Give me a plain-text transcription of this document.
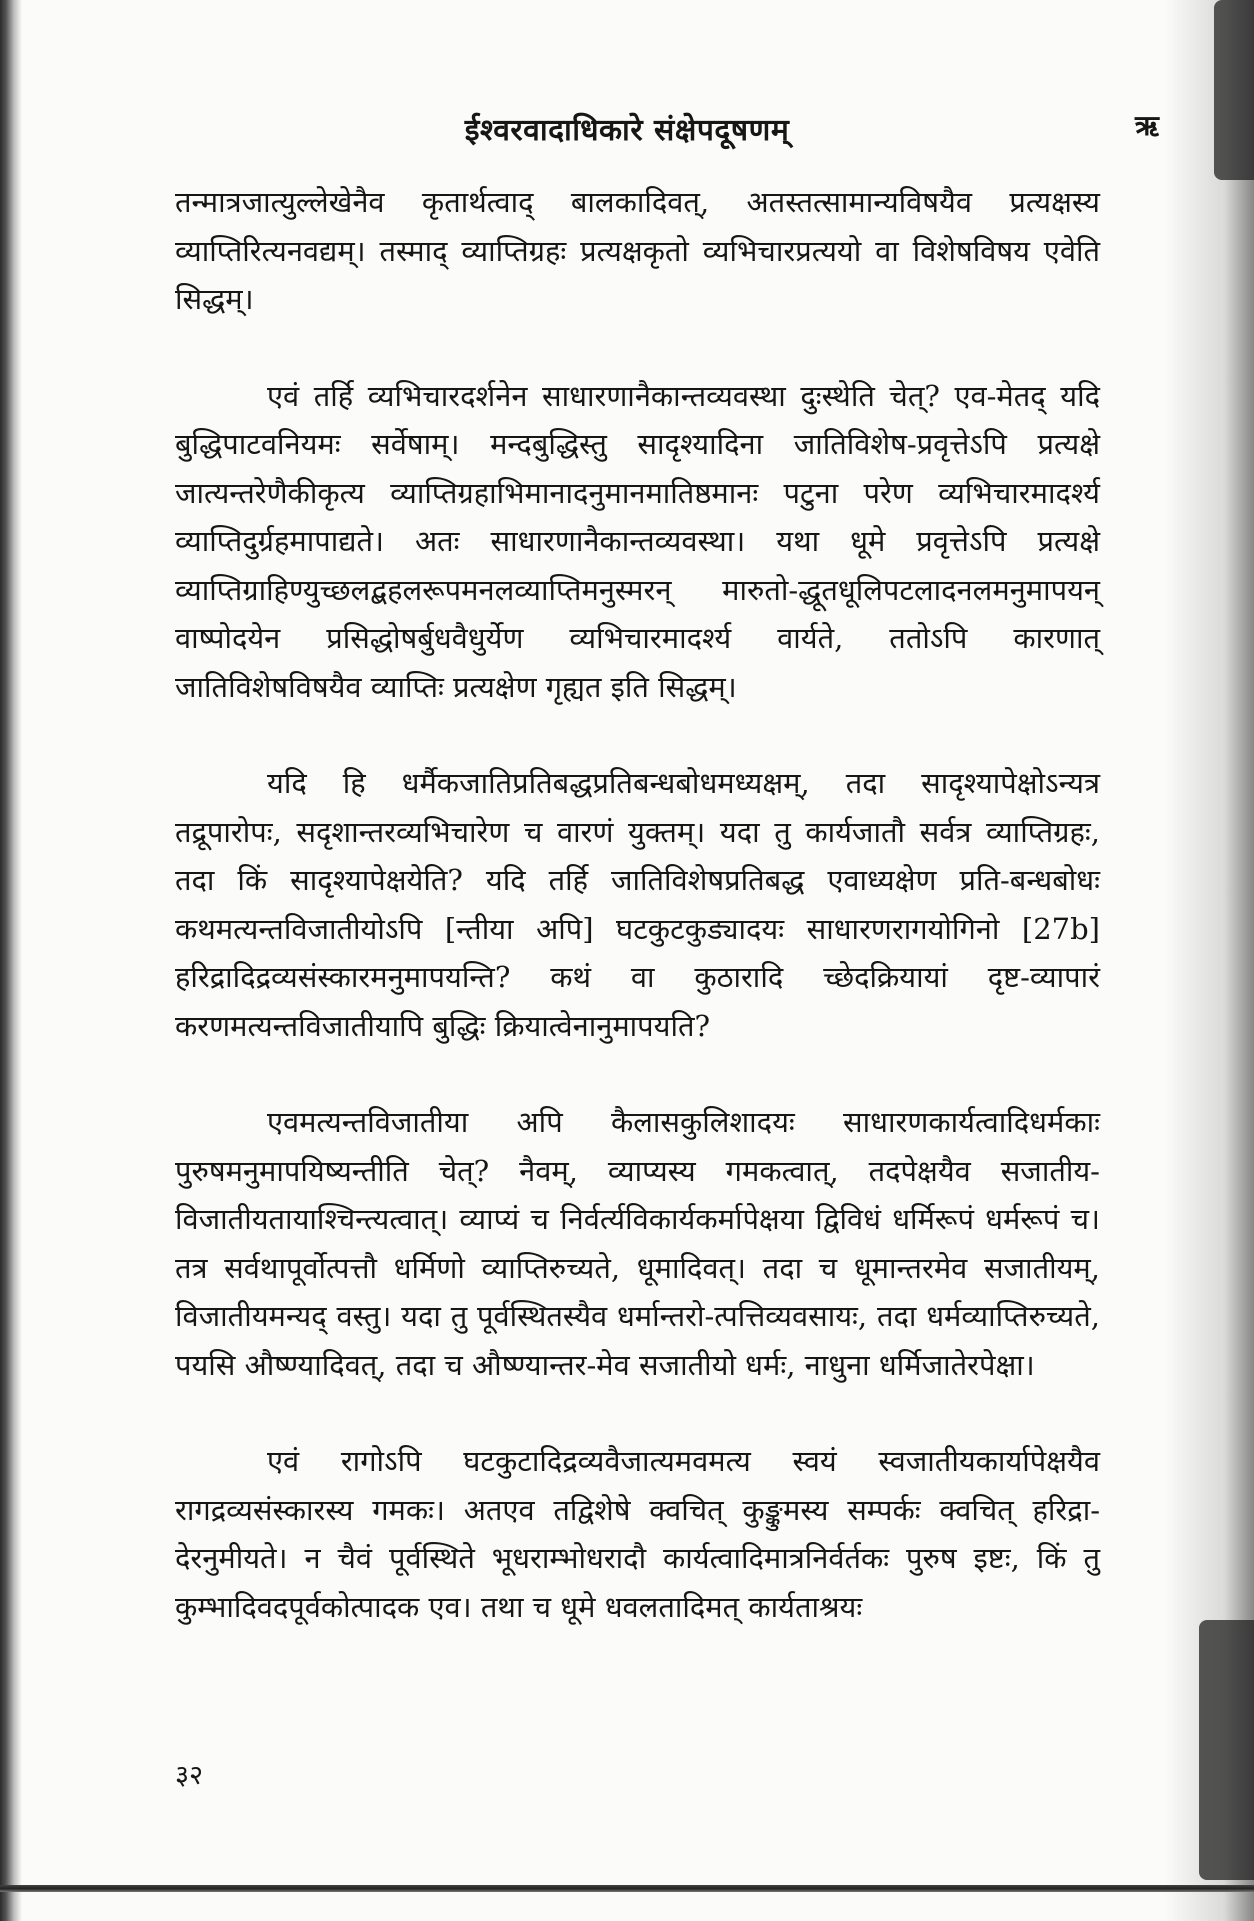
ईश्वरवादाधिकारे संक्षेपदूषणम्	ऋ

तन्मात्रजात्युल्लेखेनैव कृतार्थत्वाद् बालकादिवत्, अतस्तत्सामान्यविषयैव प्रत्यक्षस्य व्याप्तिरित्यनवद्यम्। तस्माद् व्याप्तिग्रहः प्रत्यक्षकृतो व्यभिचारप्रत्ययो वा विशेषविषय एवेति सिद्धम्।

एवं तर्हि व्यभिचारदर्शनेन साधारणानैकान्तव्यवस्था दुःस्थेति चेत्? एव-मेतद् यदि बुद्धिपाटवनियमः सर्वेषाम्। मन्दबुद्धिस्तु सादृश्यादिना जातिविशेष-प्रवृत्तेऽपि प्रत्यक्षे जात्यन्तरेणैकीकृत्य व्याप्तिग्रहाभिमानादनुमानमातिष्ठमानः पटुना परेण व्यभिचारमादर्श्य व्याप्तिदुर्ग्रहमापाद्यते। अतः साधारणानैकान्तव्यवस्था। यथा धूमे प्रवृत्तेऽपि प्रत्यक्षे व्याप्तिग्राहिण्युच्छलद्बहलरूपमनलव्याप्तिमनुस्मरन् मारुतो-द्धूतधूलिपटलादनलमनुमापयन् वाष्पोदयेन प्रसिद्धोषर्बुधवैधुर्येण व्यभिचारमादर्श्य वार्यते, ततोऽपि कारणात् जातिविशेषविषयैव व्याप्तिः प्रत्यक्षेण गृह्यत इति सिद्धम्।

यदि हि धर्मैकजातिप्रतिबद्धप्रतिबन्धबोधमध्यक्षम्, तदा सादृश्यापेक्षोऽन्यत्र तद्रूपारोपः, सदृशान्तरव्यभिचारेण च वारणं युक्तम्। यदा तु कार्यजातौ सर्वत्र व्याप्तिग्रहः, तदा किं सादृश्यापेक्षयेति? यदि तर्हि जातिविशेषप्रतिबद्ध एवाध्यक्षेण प्रति-बन्धबोधः कथमत्यन्तविजातीयोऽपि [न्तीया अपि] घटकुटकुड्यादयः साधारणरागयोगिनो [27b] हरिद्रादिद्रव्यसंस्कारमनुमापयन्ति? कथं वा कुठारादि च्छेदक्रियायां दृष्ट-व्यापारं करणमत्यन्तविजातीयापि बुद्धिः क्रियात्वेनानुमापयति?

एवमत्यन्तविजातीया अपि कैलासकुलिशादयः साधारणकार्यत्वादिधर्मकाः पुरुषमनुमापयिष्यन्तीति चेत्? नैवम्, व्याप्यस्य गमकत्वात्, तदपेक्षयैव सजातीय-विजातीयतायाश्चिन्त्यत्वात्। व्याप्यं च निर्वर्त्यविकार्यकर्मापेक्षया द्विविधं धर्मिरूपं धर्मरूपं च। तत्र सर्वथापूर्वोत्पत्तौ धर्मिणो व्याप्तिरुच्यते, धूमादिवत्। तदा च धूमान्तरमेव सजातीयम्, विजातीयमन्यद् वस्तु। यदा तु पूर्वस्थितस्यैव धर्मान्तरो-त्पत्तिव्यवसायः, तदा धर्मव्याप्तिरुच्यते, पयसि औष्ण्यादिवत्, तदा च औष्ण्यान्तर-मेव सजातीयो धर्मः, नाधुना धर्मिजातेरपेक्षा।

एवं रागोऽपि घटकुटादिद्रव्यवैजात्यमवमत्य स्वयं स्वजातीयकार्यापेक्षयैव रागद्रव्यसंस्कारस्य गमकः। अतएव तद्विशेषे क्वचित् कुङ्कुमस्य सम्पर्कः क्वचित् हरिद्रा-देरनुमीयते। न चैवं पूर्वस्थिते भूधराम्भोधरादौ कार्यत्वादिमात्रनिर्वर्तकः पुरुष इष्टः, किं तु कुम्भादिवदपूर्वकोत्पादक एव। तथा च धूमे धवलतादिमत् कार्यताश्रयः

३२
